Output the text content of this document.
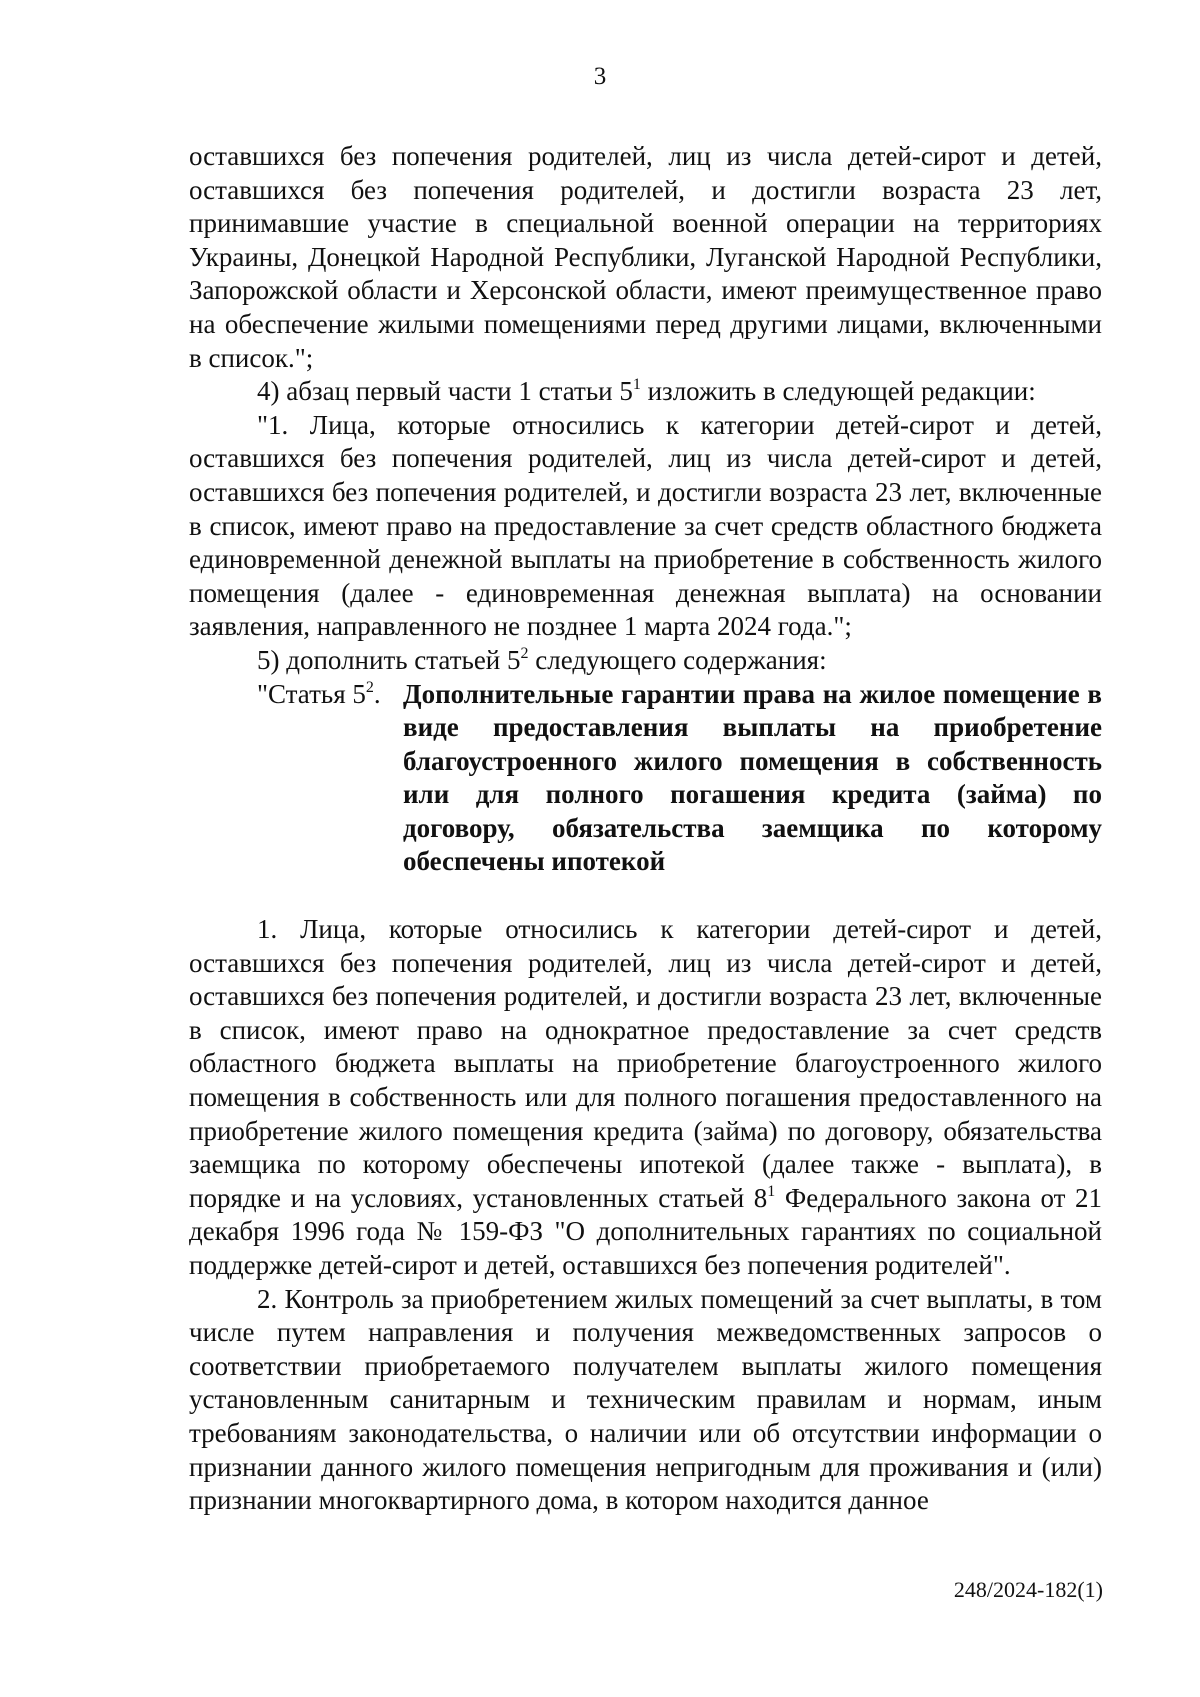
3

оставшихся без попечения родителей, лиц из числа детей-сирот и детей, оставшихся без попечения родителей, и достигли возраста 23 лет, принимавшие участие в специальной военной операции на территориях Украины, Донецкой Народной Республики, Луганской Народной Республики, Запорожской области и Херсонской области, имеют преимущественное право на обеспечение жилыми помещениями перед другими лицами, включенными в список.";

4) абзац первый части 1 статьи $5^1$ изложить в следующей редакции:

"1. Лица, которые относились к категории детей-сирот и детей, оставшихся без попечения родителей, лиц из числа детей-сирот и детей, оставшихся без попечения родителей, и достигли возраста 23 лет, включенные в список, имеют право на предоставление за счет средств областного бюджета единовременной денежной выплаты на приобретение в собственность жилого помещения (далее - единовременная денежная выплата) на основании заявления, направленного не позднее 1 марта 2024 года.";

5) дополнить статьей $5^2$ следующего содержания:

"Статья $5^2$. Дополнительные гарантии права на жилое помещение в виде предоставления выплаты на приобретение благоустроенного жилого помещения в собственность или для полного погашения кредита (займа) по договору, обязательства заемщика по которому обеспечены ипотекой

1. Лица, которые относились к категории детей-сирот и детей, оставшихся без попечения родителей, лиц из числа детей-сирот и детей, оставшихся без попечения родителей, и достигли возраста 23 лет, включенные в список, имеют право на однократное предоставление за счет средств областного бюджета выплаты на приобретение благоустроенного жилого помещения в собственность или для полного погашения предоставленного на приобретение жилого помещения кредита (займа) по договору, обязательства заемщика по которому обеспечены ипотекой (далее также - выплата), в порядке и на условиях, установленных статьей $8^1$ Федерального закона от 21 декабря 1996 года № 159-ФЗ "О дополнительных гарантиях по социальной поддержке детей-сирот и детей, оставшихся без попечения родителей".

2. Контроль за приобретением жилых помещений за счет выплаты, в том числе путем направления и получения межведомственных запросов о соответствии приобретаемого получателем выплаты жилого помещения установленным санитарным и техническим правилам и нормам, иным требованиям законодательства, о наличии или об отсутствии информации о признании данного жилого помещения непригодным для проживания и (или) признании многоквартирного дома, в котором находится данное

248/2024-182(1)
